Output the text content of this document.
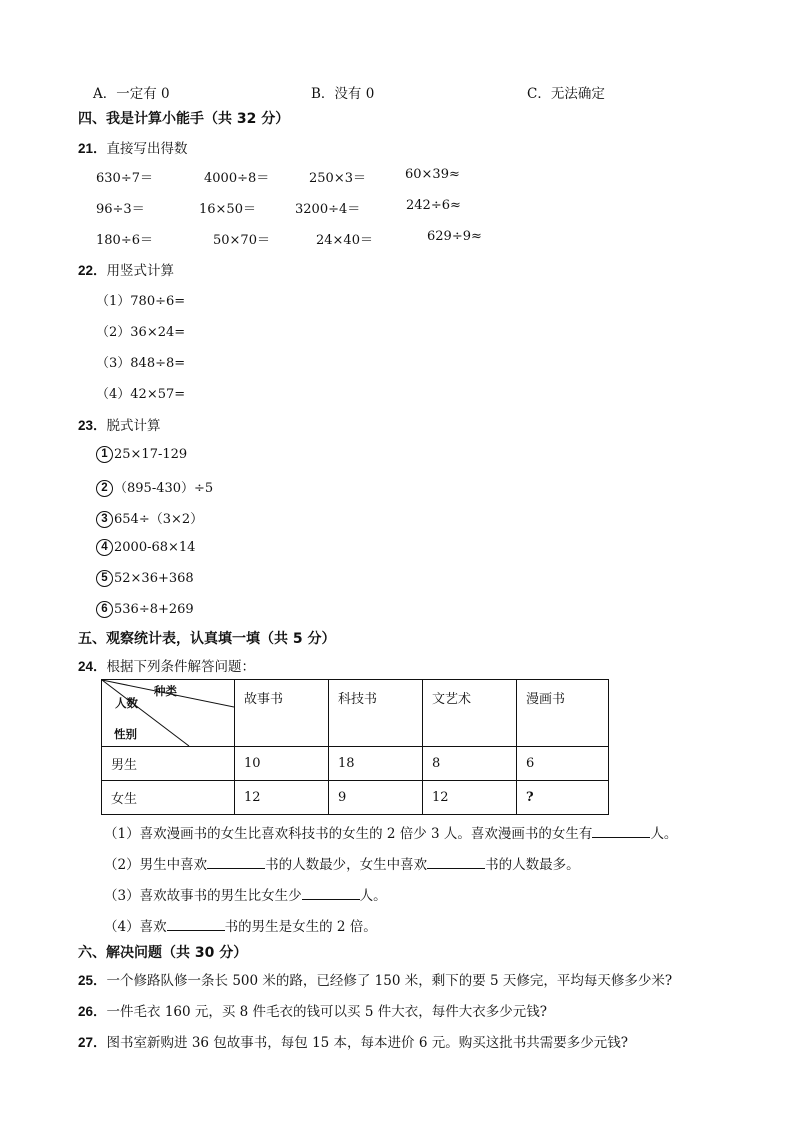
A．一定有 0	B．没有 0	C．无法确定
四、我是计算小能手（共 32 分）
21．直接写出得数
630÷7＝	4000÷8＝	250×3＝	60×39≈
96÷3＝	16×50＝	3200÷4＝	242÷6≈
180÷6＝	50×70＝	24×40＝	629÷9≈
22．用竖式计算
（1）780÷6=
（2）36×24=
（3）848÷8=
（4）42×57=
23．脱式计算
1 25×17-129
2 （895-430）÷5
3 654÷（3×2）
4 2000-68×14
5 52×36+368
6 536÷8+269
五、观察统计表，认真填一填（共 5 分）
24．根据下列条件解答问题：
种类
人数
性别	故事书	科技书	文艺术	漫画书
男生	10	18	8	6
女生	12	9	12	?
（1）喜欢漫画书的女生比喜欢科技书的女生的 2 倍少 3 人。喜欢漫画书的女生有	人。
（2）男生中喜欢	书的人数最少，女生中喜欢	书的人数最多。
（3）喜欢故事书的男生比女生少	人。
（4）喜欢	书的男生是女生的 2 倍。
六、解决问题（共 30 分）
25．一个修路队修一条长 500 米的路，已经修了 150 米，剩下的要 5 天修完，平均每天修多少米?
26．一件毛衣 160 元，买 8 件毛衣的钱可以买 5 件大衣，每件大衣多少元钱?
27．图书室新购进 36 包故事书，每包 15 本，每本进价 6 元。购买这批书共需要多少元钱?
